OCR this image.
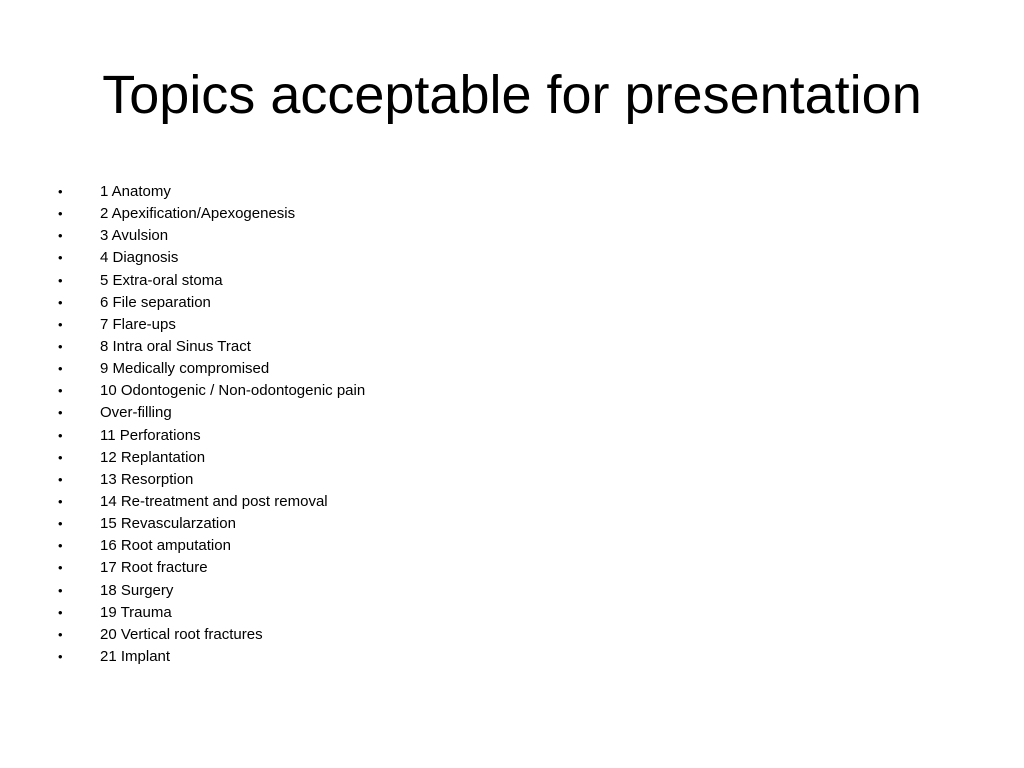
Topics acceptable for presentation
•	1 Anatomy
•	2 Apexification/Apexogenesis
•	3 Avulsion
•	4 Diagnosis
•	5 Extra-oral stoma
•	6 File separation
•	7 Flare-ups
•	8 Intra oral Sinus Tract
•	9 Medically compromised
•	10 Odontogenic / Non-odontogenic pain
•	Over-filling
•	11 Perforations
•	12 Replantation
•	13 Resorption
•	14 Re-treatment and post removal
•	15 Revascularzation
•	16 Root amputation
•	17 Root fracture
•	18 Surgery
•	19 Trauma
•	20 Vertical root fractures
•	21 Implant
